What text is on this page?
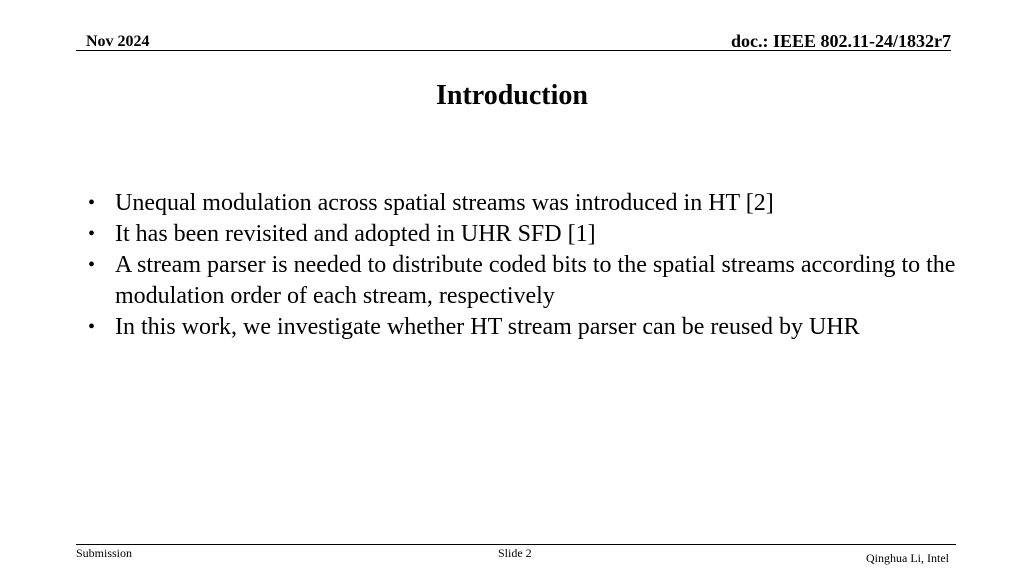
Nov 2024	doc.: IEEE 802.11-24/1832r7
Introduction
• Unequal modulation across spatial streams was introduced in HT [2]
• It has been revisited and adopted in UHR SFD [1]
• A stream parser is needed to distribute coded bits to the spatial streams according to the modulation order of each stream, respectively
• In this work, we investigate whether HT stream parser can be reused by UHR
Submission	Slide 2	Qinghua Li, Intel
